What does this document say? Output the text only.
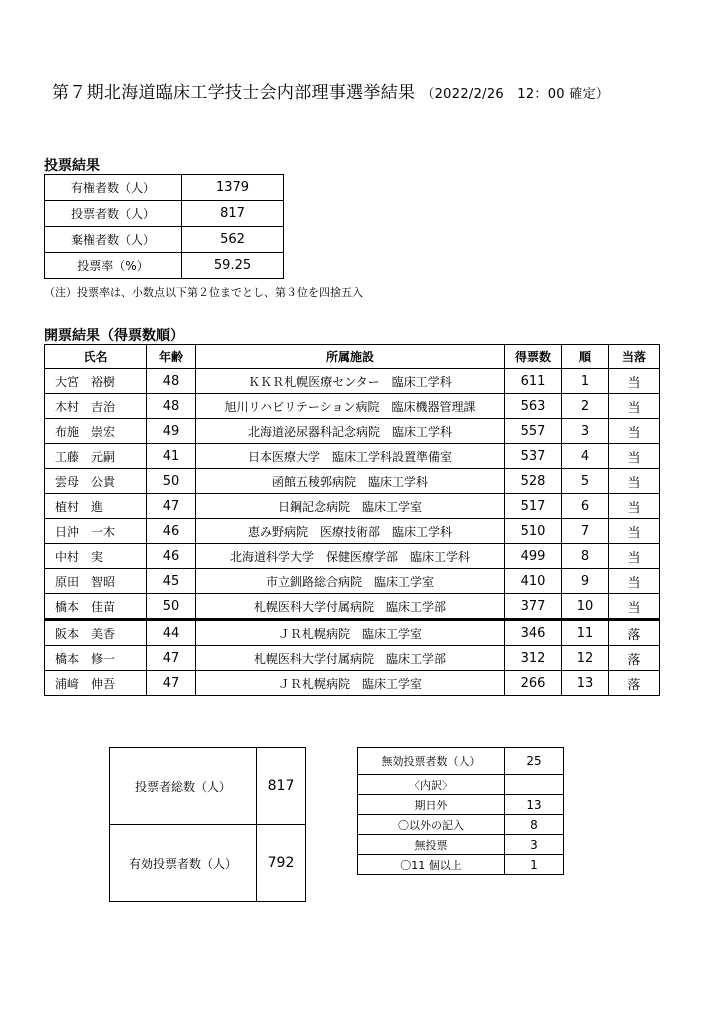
第７期北海道臨床工学技士会内部理事選挙結果 （2022/2/26　12：00 確定）
投票結果
有権者数（人）	1379
投票者数（人）	817
棄権者数（人）	562
投票率（%）	59.25
（注）投票率は、小数点以下第２位までとし、第３位を四捨五入
開票結果（得票数順）
氏名	年齢	所属施設	得票数	順	当落
大宮　裕樹	48	ＫＫＲ札幌医療センター　臨床工学科	611	1	当
木村　吉治	48	旭川リハビリテーション病院　臨床機器管理課	563	2	当
布施　崇宏	49	北海道泌尿器科記念病院　臨床工学科	557	3	当
工藤　元嗣	41	日本医療大学　臨床工学科設置準備室	537	4	当
雲母　公貴	50	函館五稜郭病院　臨床工学科	528	5	当
植村　進	47	日鋼記念病院　臨床工学室	517	6	当
日沖　一木	46	恵み野病院　医療技術部　臨床工学科	510	7	当
中村　実	46	北海道科学大学　保健医療学部　臨床工学科	499	8	当
原田　智昭	45	市立釧路総合病院　臨床工学室	410	9	当
橋本　佳苗	50	札幌医科大学付属病院　臨床工学部	377	10	当
阪本　美香	44	ＪＲ札幌病院　臨床工学室	346	11	落
橋本　修一	47	札幌医科大学付属病院　臨床工学部	312	12	落
浦﨑　伸吾	47	ＪＲ札幌病院　臨床工学室	266	13	落
投票者総数（人）	817
有効投票者数（人）	792
無効投票者数（人）	25
〈内訳〉	
期日外	13
〇以外の記入	8
無投票	3
〇11 個以上	1
